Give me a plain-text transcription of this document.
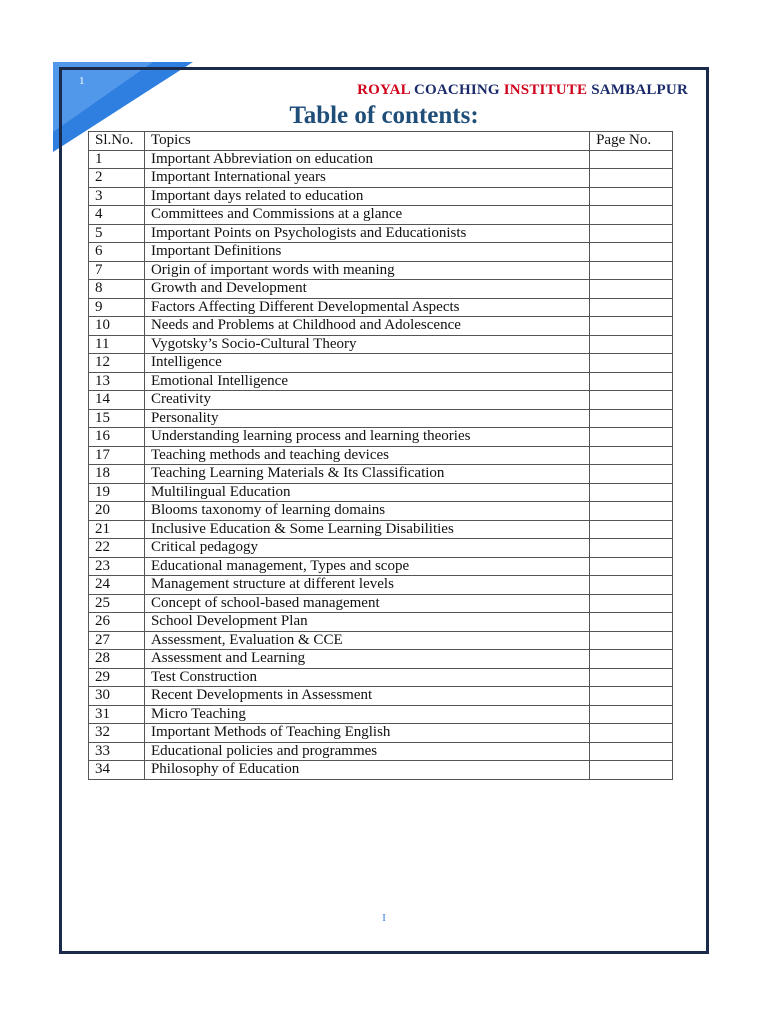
1
ROYAL COACHING INSTITUTE SAMBALPUR
Table of contents:
Sl.No.	Topics	Page No.
1	Important Abbreviation on education	
2	Important International years	
3	Important days related to education	
4	Committees and Commissions at a glance	
5	Important Points on Psychologists and Educationists	
6	Important Definitions	
7	Origin of important words with meaning	
8	Growth and Development	
9	Factors Affecting Different Developmental Aspects	
10	Needs and Problems at Childhood and Adolescence	
11	Vygotsky’s Socio-Cultural Theory	
12	Intelligence	
13	Emotional Intelligence	
14	Creativity	
15	Personality	
16	Understanding learning process and learning theories	
17	Teaching methods and teaching devices	
18	Teaching Learning Materials & Its Classification	
19	Multilingual Education	
20	Blooms taxonomy of learning domains	
21	Inclusive Education & Some Learning Disabilities	
22	Critical pedagogy	
23	Educational management, Types and scope	
24	Management structure at different levels	
25	Concept of school-based management	
26	School Development Plan	
27	Assessment, Evaluation & CCE	
28	Assessment and Learning	
29	Test Construction	
30	Recent Developments in Assessment	
31	Micro Teaching	
32	Important Methods of Teaching English	
33	Educational policies and programmes	
34	Philosophy of Education	
I
